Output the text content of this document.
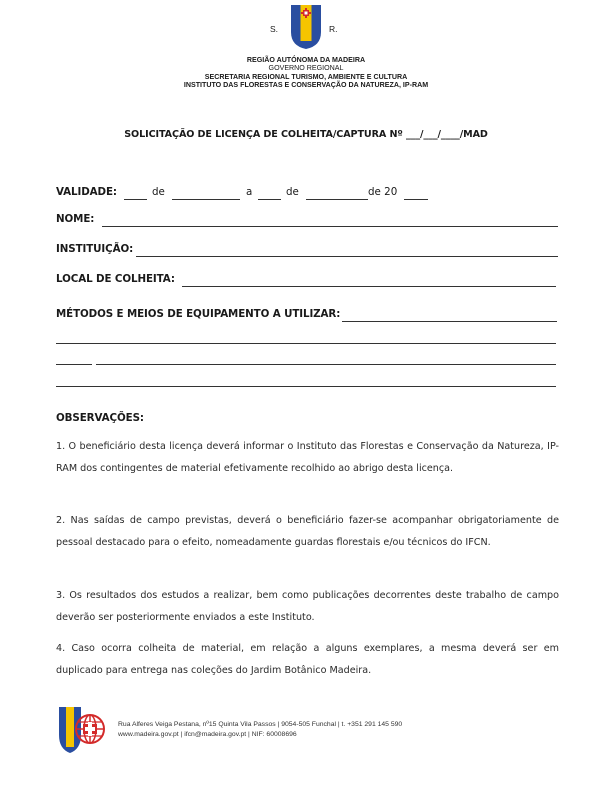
S.	R.
REGIÃO AUTÓNOMA DA MADEIRA
GOVERNO REGIONAL
SECRETARIA REGIONAL TURISMO, AMBIENTE E CULTURA
INSTITUTO DAS FLORESTAS E CONSERVAÇÃO DA NATUREZA, IP-RAM
SOLICITAÇÃO DE LICENÇA DE COLHEITA/CAPTURA Nº ___/___/____/MAD
VALIDADE:	de	a	de	de 20
NOME:
INSTITUIÇÃO:
LOCAL DE COLHEITA:
MÉTODOS E MEIOS DE EQUIPAMENTO A UTILIZAR:
OBSERVAÇÕES:
1. O beneficiário desta licença deverá informar o Instituto das Florestas e Conservação da Natureza, IP-RAM dos contingentes de material efetivamente recolhido ao abrigo desta licença.
2. Nas saídas de campo previstas, deverá o beneficiário fazer-se acompanhar obrigatoriamente de pessoal destacado para o efeito, nomeadamente guardas florestais e/ou técnicos do IFCN.
3. Os resultados dos estudos a realizar, bem como publicações decorrentes deste trabalho de campo deverão ser posteriormente enviados a este Instituto.
4. Caso ocorra colheita de material, em relação a alguns exemplares, a mesma deverá ser em duplicado para entrega nas coleções do Jardim Botânico Madeira.
Rua Alferes Veiga Pestana, nº15 Quinta Vila Passos | 9054-505 Funchal | t. +351 291 145 590
www.madeira.gov.pt | ifcn@madeira.gov.pt | NIF: 60008696
